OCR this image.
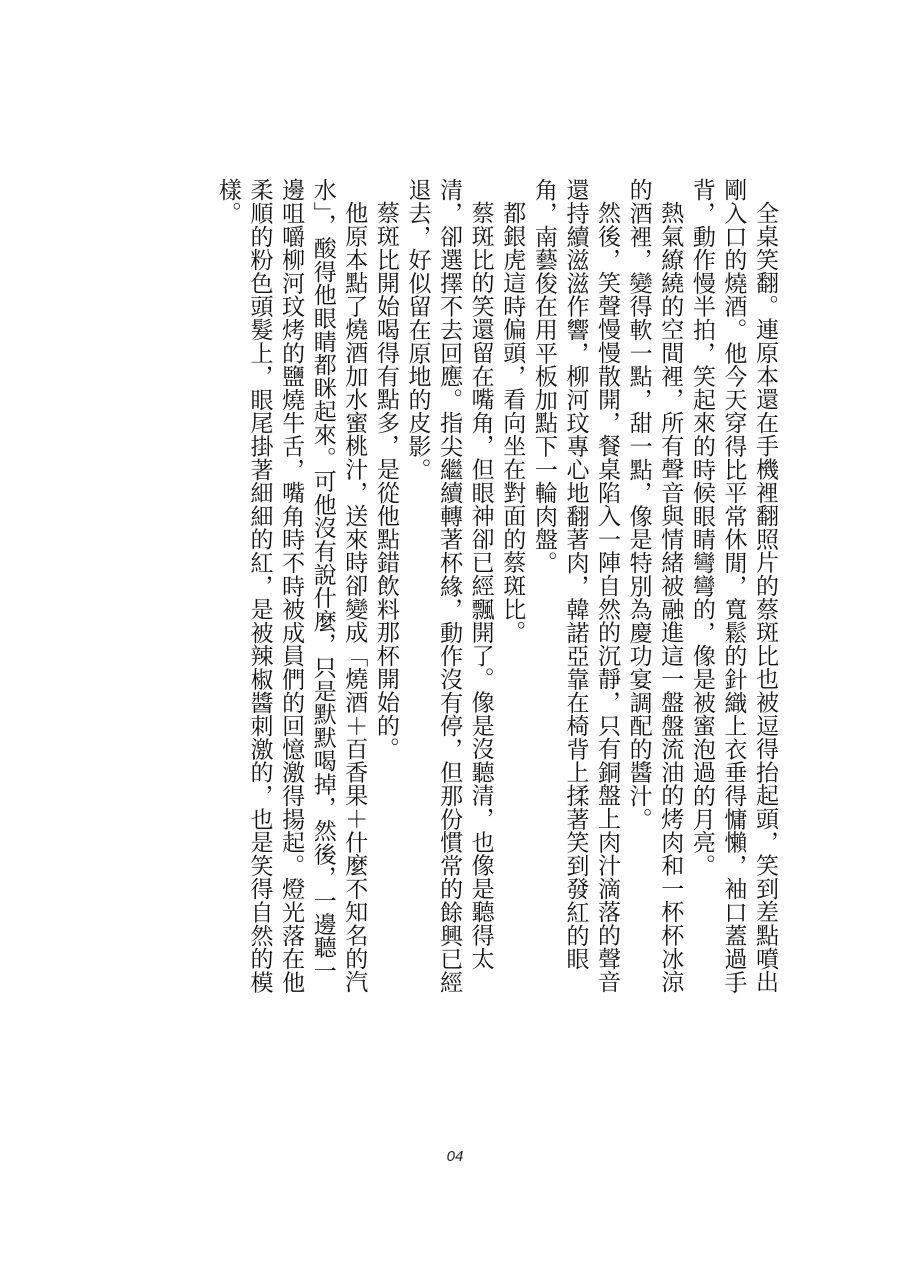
全桌笑翻。連原本還在手機裡翻照片的蔡斑比也被逗得抬起頭，笑到差點噴出剛入口的燒酒。他今天穿得比平常休閒，寬鬆的針織上衣垂得慵懶，袖口蓋過手背，動作慢半拍，笑起來的時候眼睛彎彎的，像是被蜜泡過的月亮。

熱氣繚繞的空間裡，所有聲音與情緒被融進這一盤盤流油的烤肉和一杯杯冰涼的酒裡，變得軟一點，甜一點，像是特別為慶功宴調配的醬汁。

然後，笑聲慢慢散開，餐桌陷入一陣自然的沉靜，只有銅盤上肉汁滴落的聲音還持續滋滋作響，柳河玟專心地翻著肉，韓諾亞靠在椅背上揉著笑到發紅的眼角，南藝俊在用平板加點下一輪肉盤。

都銀虎這時偏頭，看向坐在對面的蔡斑比。

蔡斑比的笑還留在嘴角，但眼神卻已經飄開了。像是沒聽清，也像是聽得太清，卻選擇不去回應。指尖繼續轉著杯緣，動作沒有停，但那份慣常的餘興已經退去，好似留在原地的皮影。

蔡斑比開始喝得有點多，是從他點錯飲料那杯開始的。

他原本點了燒酒加水蜜桃汁，送來時卻變成「燒酒＋百香果＋什麼不知名的汽水」，酸得他眼睛都眯起來。可他沒有說什麼，只是默默喝掉，然後，一邊聽一邊咀嚼柳河玟烤的鹽燒牛舌，嘴角時不時被成員們的回憶激得揚起。燈光落在他柔順的粉色頭髮上，眼尾掛著細細的紅，是被辣椒醬刺激的，也是笑得自然的模樣。

04
